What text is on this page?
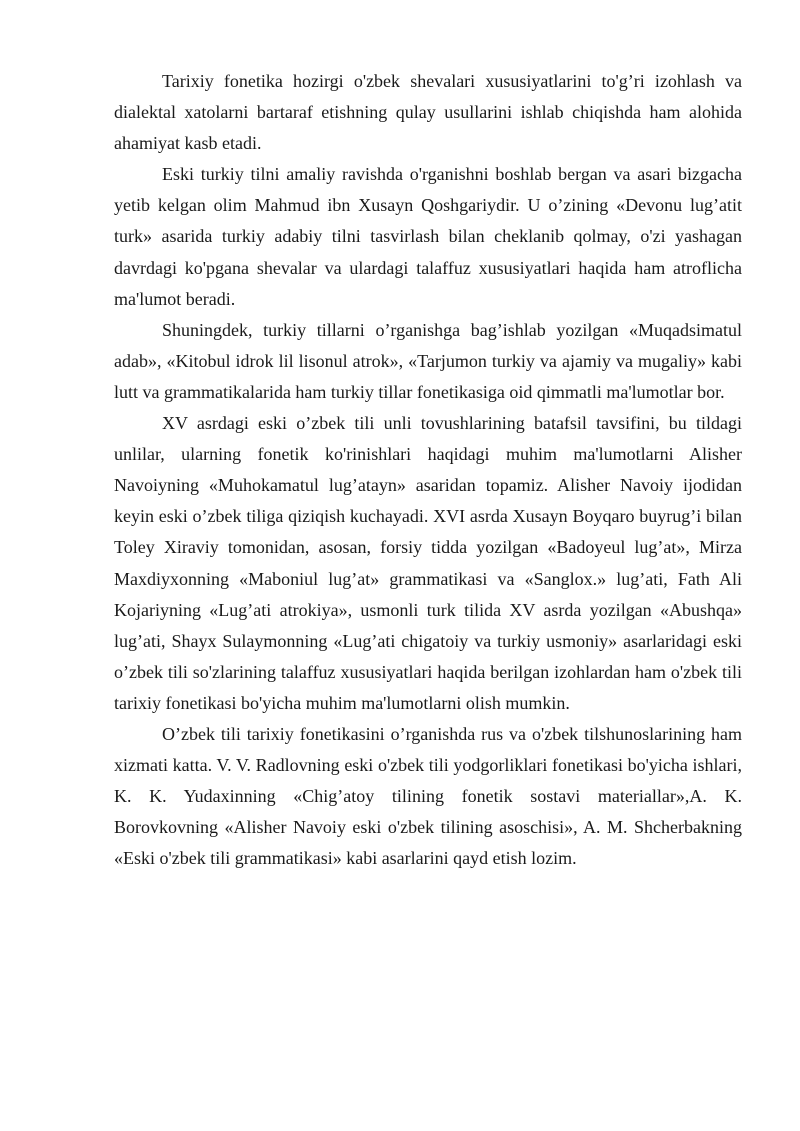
Tarixiy fonetika hozirgi o'zbek shevalari xususiyatlarini to'g’ri izohlash va dialektal xatolarni bartaraf etishning qulay usullarini ishlab chiqishda ham alohida ahamiyat kasb etadi.

Eski turkiy tilni amaliy ravishda o'rganishni boshlab bergan va asari bizgacha yetib kelgan olim Mahmud ibn Xusayn Qoshgariydir. U o’zining «Devonu lug’atit turk» asarida turkiy adabiy tilni tasvirlash bilan cheklanib qolmay, o'zi yashagan davrdagi ko'pgana shevalar va ulardagi talaffuz xususiyatlari haqida ham atroflicha ma'lumot beradi.

Shuningdek, turkiy tillarni o’rganishga bag’ishlab yozilgan «Muqadsimatul adab», «Kitobul idrok lil lisonul atrok», «Tarjumon turkiy va ajamiy va mugaliy» kabi lutt va grammatikalarida ham turkiy tillar fonetikasiga oid qimmatli ma'lumotlar bor.

XV asrdagi eski o’zbek tili unli tovushlarining batafsil tavsifini, bu tildagi unlilar, ularning fonetik ko'rinishlari haqidagi muhim ma'lumotlarni Alisher Navoiyning «Muhokamatul lug’atayn» asaridan topamiz. Alisher Navoiy ijodidan keyin eski o’zbek tiliga qiziqish kuchayadi. XVI asrda Xusayn Boyqaro buyrug’i bilan Toley Xiraviy tomonidan, asosan, forsiy tidda yozilgan «Badoyeul lug’at», Mirza Maxdiyxonning «Maboniul lug’at» grammatikasi va «Sanglox.» lug’ati, Fath Ali Kojariyning «Lug’ati atrokiya», usmonli turk tilida XV asrda yozilgan «Abushqa» lug’ati, Shayx Sulaymonning «Lug’ati chigatoiy va turkiy usmoniy» asarlaridagi eski o’zbek tili so'zlarining talaffuz xususiyatlari haqida berilgan izohlardan ham o'zbek tili tarixiy fonetikasi bo'yicha muhim ma'lumotlarni olish mumkin.

O’zbek tili tarixiy fonetikasini o’rganishda rus va o'zbek tilshunoslarining ham xizmati katta. V. V. Radlovning eski o'zbek tili yodgorliklari fonetikasi bo'yicha ishlari, K. K. Yudaxinning «Chig’atoy tilining fonetik sostavi materiallar»,A. K. Borovkovning «Alisher Navoiy eski o'zbek tilining asoschisi», A. M. Shcherbakning «Eski o'zbek tili grammatikasi» kabi asarlarini qayd etish lozim.
